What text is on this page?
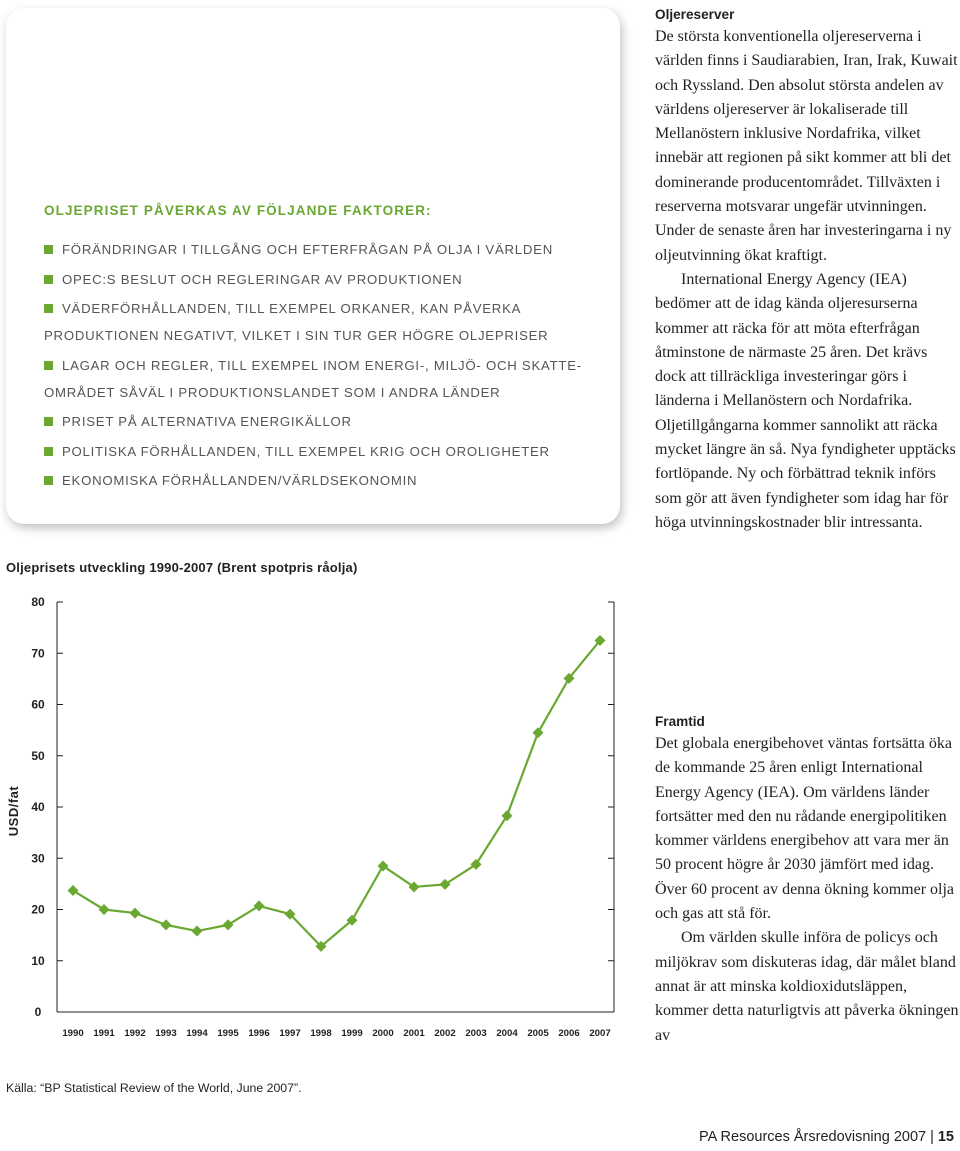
OLJEPRISET PÅVERKAS AV FÖLJANDE FAKTORER:
FÖRÄNDRINGAR I TILLGÅNG OCH EFTERFRÅGAN PÅ OLJA I VÄRLDEN
OPEC:S BESLUT OCH REGLERINGAR AV PRODUKTIONEN
VÄDERFÖRHÅLLANDEN, TILL EXEMPEL ORKANER, KAN PÅVERKA
PRODUKTIONEN NEGATIVT, VILKET I SIN TUR GER HÖGRE OLJEPRISER
LAGAR OCH REGLER, TILL EXEMPEL INOM ENERGI-, MILJÖ- OCH SKATTE-
OMRÅDET SÅVÄL I PRODUKTIONSLANDET SOM I ANDRA LÄNDER
PRISET PÅ ALTERNATIVA ENERGIKÄLLOR
POLITISKA FÖRHÅLLANDEN, TILL EXEMPEL KRIG OCH OROLIGHETER
EKONOMISKA FÖRHÅLLANDEN/VÄRLDSEKONOMIN
Oljeprisets utveckling 1990-2007 (Brent spotpris råolja)
USD/fat
0
10
20
30
40
50
60
70
80
1990 1991 1992 1993 1994 1995 1996 1997 1998 1999 2000 2001 2002 2003 2004 2005 2006 2007

Källa: “BP Statistical Review of the World, June 2007”.

Oljereserver

De största konventionella oljereserverna i världen finns i Saudiarabien, Iran, Irak, Kuwait och Ryssland. Den absolut största andelen av världens oljereserver är lokaliserade till Mellanöstern inklusive Nordafrika, vilket innebär att regionen på sikt kommer att bli det dominerande producentområdet. Tillväxten i reserverna motsvarar ungefär utvinningen. Under de senaste åren har investeringarna i ny oljeutvinning ökat kraftigt.

International Energy Agency (IEA) bedömer att de idag kända oljeresurserna kommer att räcka för att möta efterfrågan åtminstone de närmaste 25 åren. Det krävs dock att tillräckliga investeringar görs i länderna i Mellanöstern och Nordafrika. Oljetillgångarna kommer sannolikt att räcka mycket längre än så. Nya fyndigheter upptäcks fortlöpande. Ny och förbättrad teknik införs som gör att även fyndigheter som idag har för höga utvinningskostnader blir intressanta.

Framtid

Det globala energibehovet väntas fortsätta öka de kommande 25 åren enligt International Energy Agency (IEA). Om världens länder fortsätter med den nu rådande energipolitiken kommer världens energibehov att vara mer än 50 procent högre år 2030 jämfört med idag. Över 60 procent av denna ökning kommer olja och gas att stå för.

Om världen skulle införa de policys och miljökrav som diskuteras idag, där målet bland annat är att minska koldioxidutsläppen, kommer detta naturligtvis att påverka ökningen av

PA Resources Årsredovisning 2007 | 15
